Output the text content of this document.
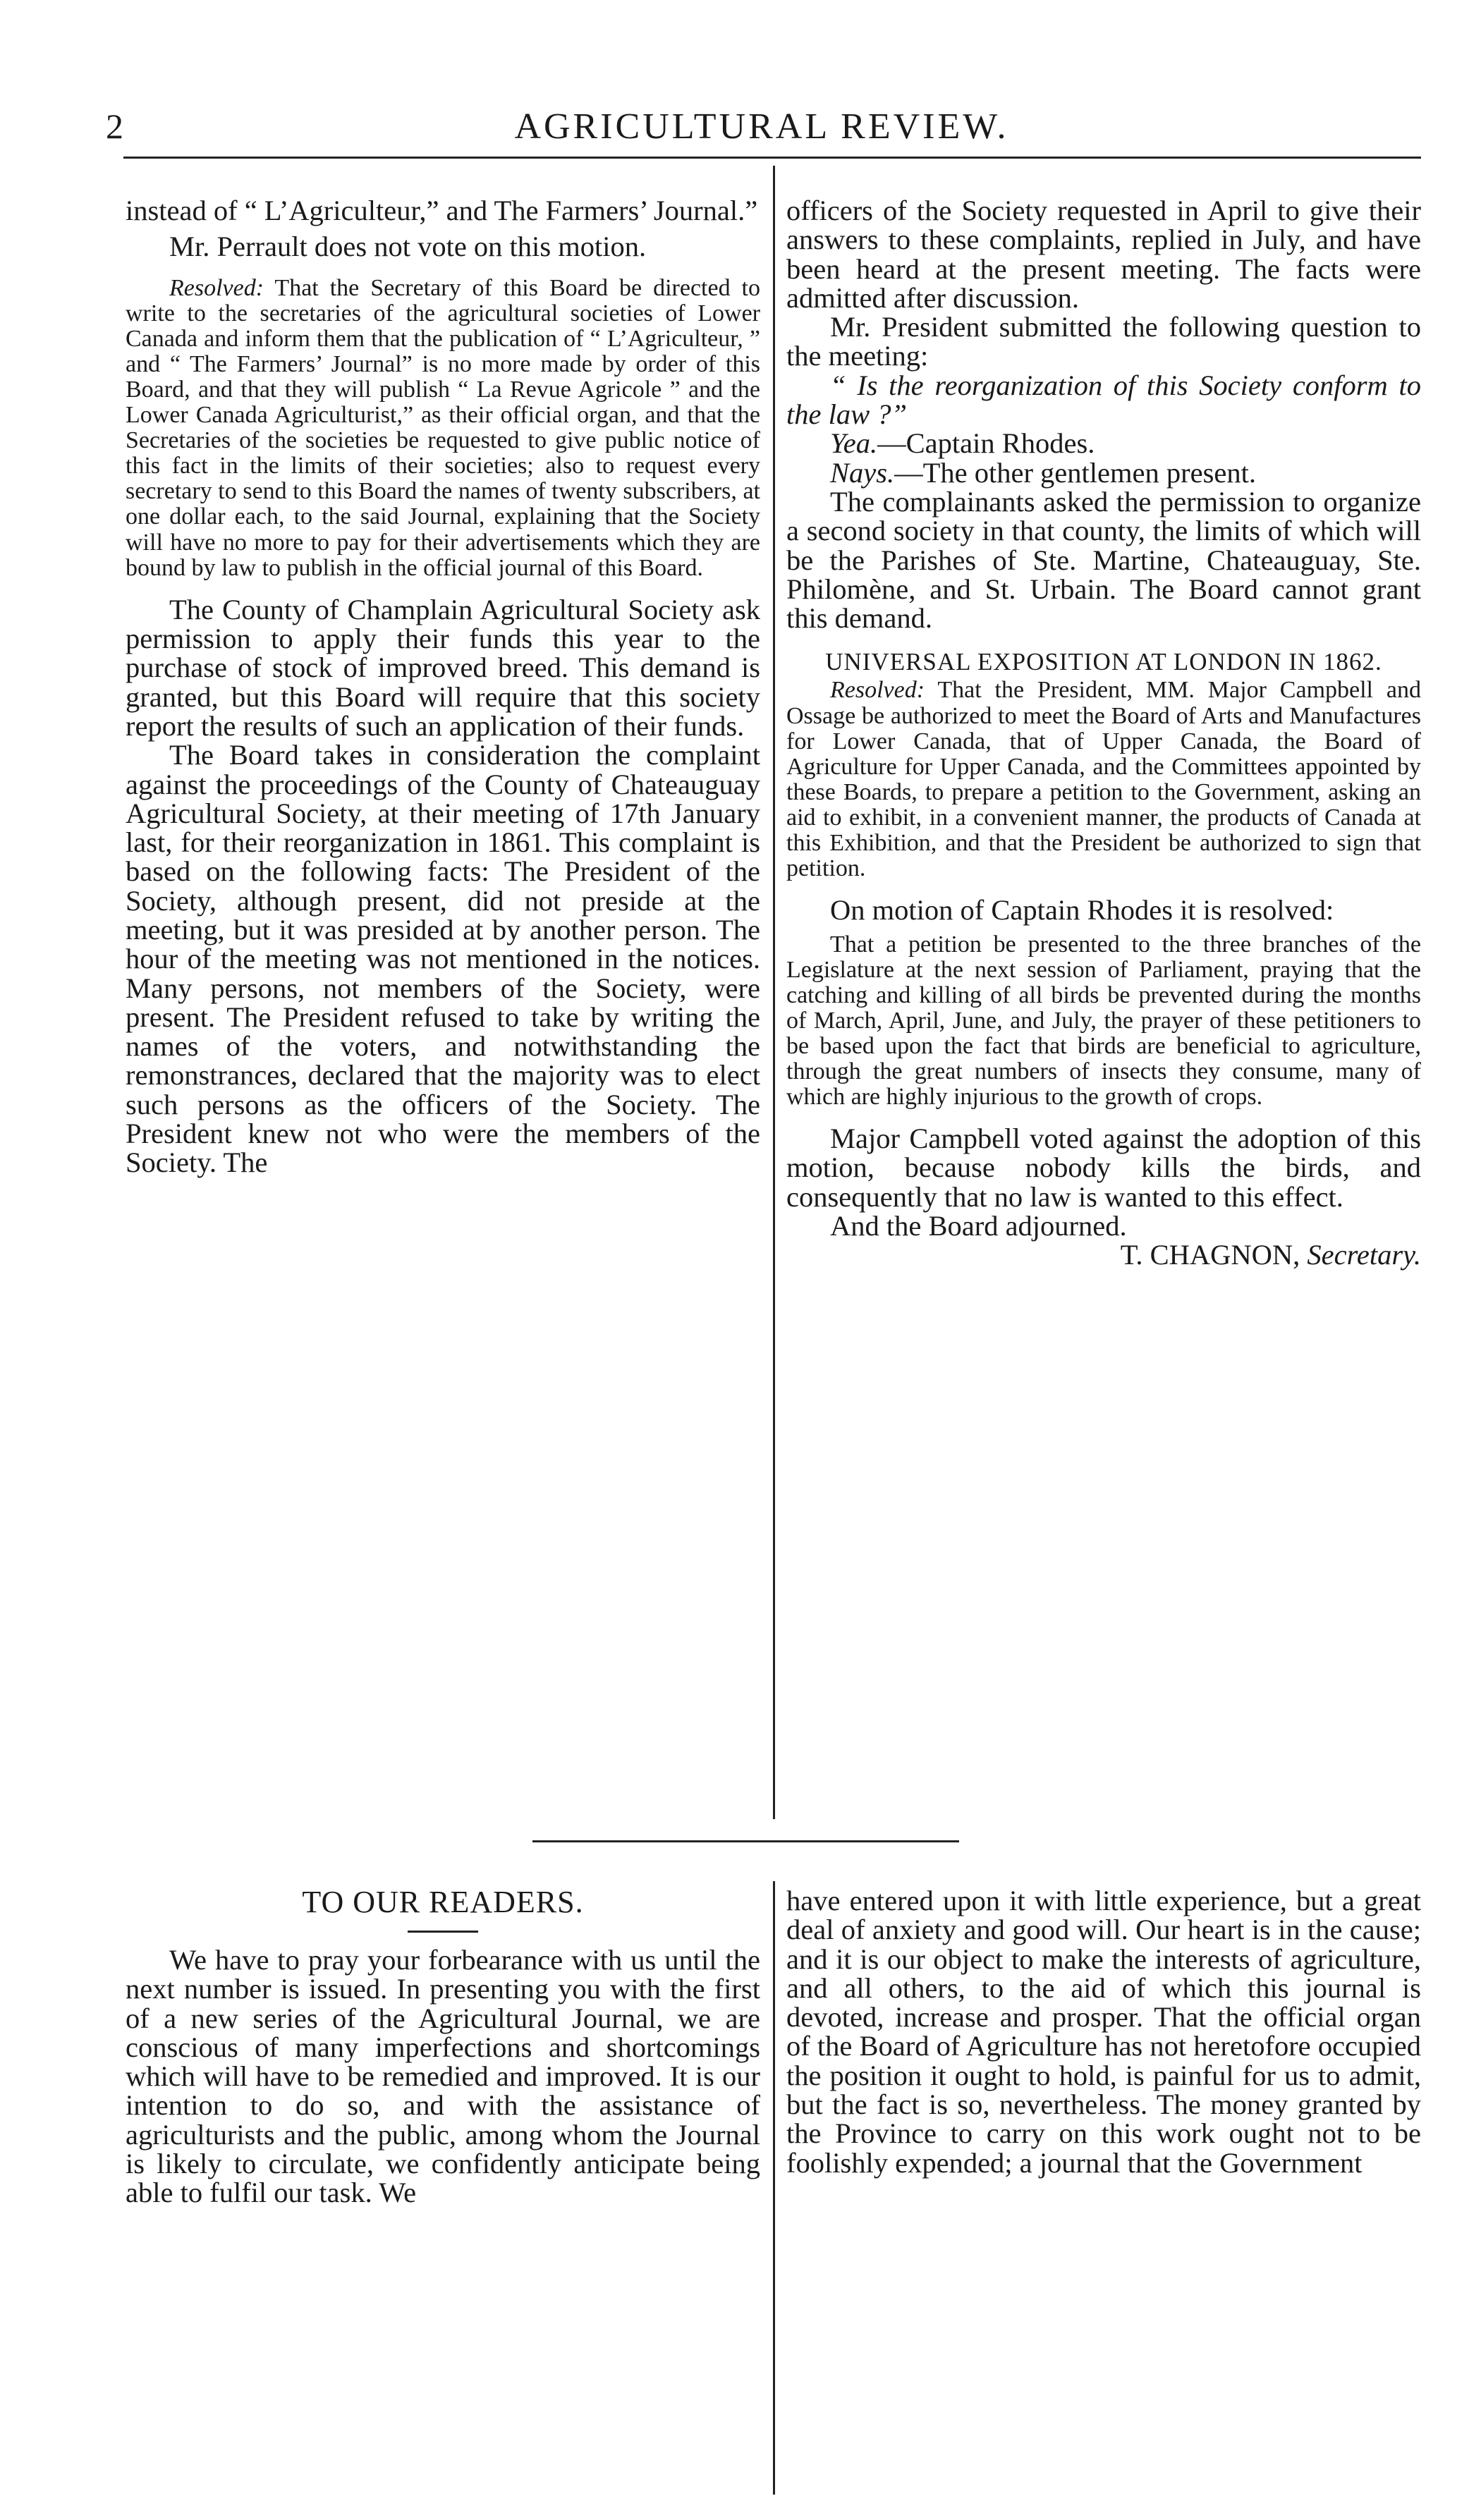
2	AGRICULTURAL REVIEW.

instead of “ L’Agriculteur,” and The Farmers’ Journal.”

Mr. Perrault does not vote on this motion.

Resolved: That the Secretary of this Board be directed to write to the secretaries of the agricultural societies of Lower Canada and inform them that the publication of “ L’Agriculteur, ” and “ The Farmers’ Journal” is no more made by order of this Board, and that they will publish “ La Revue Agricole ” and the Lower Canada Agriculturist,” as their official organ, and that the Secretaries of the societies be requested to give public notice of this fact in the limits of their societies; also to request every secretary to send to this Board the names of twenty subscribers, at one dollar each, to the said Journal, explaining that the Society will have no more to pay for their advertisements which they are bound by law to publish in the official journal of this Board.

The County of Champlain Agricultural Society ask permission to apply their funds this year to the purchase of stock of improved breed. This demand is granted, but this Board will require that this society report the results of such an application of their funds.

The Board takes in consideration the complaint against the proceedings of the County of Chateauguay Agricultural Society, at their meeting of 17th January last, for their reorganization in 1861. This complaint is based on the following facts: The President of the Society, although present, did not preside at the meeting, but it was presided at by another person. The hour of the meeting was not mentioned in the notices. Many persons, not members of the Society, were present. The President refused to take by writing the names of the voters, and notwithstanding the remonstrances, declared that the majority was to elect such persons as the officers of the Society. The President knew not who were the members of the Society. The

officers of the Society requested in April to give their answers to these complaints, replied in July, and have been heard at the present meeting. The facts were admitted after discussion.

Mr. President submitted the following question to the meeting:

“ Is the reorganization of this Society conform to the law ?”

Yea.—Captain Rhodes.

Nays.—The other gentlemen present.

The complainants asked the permission to organize a second society in that county, the limits of which will be the Parishes of Ste. Martine, Chateauguay, Ste. Philomène, and St. Urbain. The Board cannot grant this demand.

UNIVERSAL EXPOSITION AT LONDON IN 1862.

Resolved: That the President, MM. Major Campbell and Ossage be authorized to meet the Board of Arts and Manufactures for Lower Canada, that of Upper Canada, the Board of Agriculture for Upper Canada, and the Committees appointed by these Boards, to prepare a petition to the Government, asking an aid to exhibit, in a convenient manner, the products of Canada at this Exhibition, and that the President be authorized to sign that petition.

On motion of Captain Rhodes it is resolved:

That a petition be presented to the three branches of the Legislature at the next session of Parliament, praying that the catching and killing of all birds be prevented during the months of March, April, June, and July, the prayer of these petitioners to be based upon the fact that birds are beneficial to agriculture, through the great numbers of insects they consume, many of which are highly injurious to the growth of crops.

Major Campbell voted against the adoption of this motion, because nobody kills the birds, and consequently that no law is wanted to this effect.

And the Board adjourned.

T. CHAGNON, Secretary.

TO OUR READERS.

We have to pray your forbearance with us until the next number is issued. In presenting you with the first of a new series of the Agricultural Journal, we are conscious of many imperfections and shortcomings which will have to be remedied and improved. It is our intention to do so, and with the assistance of agriculturists and the public, among whom the Journal is likely to circulate, we confidently anticipate being able to fulfil our task. We

have entered upon it with little experience, but a great deal of anxiety and good will. Our heart is in the cause; and it is our object to make the interests of agriculture, and all others, to the aid of which this journal is devoted, increase and prosper. That the official organ of the Board of Agriculture has not heretofore occupied the position it ought to hold, is painful for us to admit, but the fact is so, nevertheless. The money granted by the Province to carry on this work ought not to be foolishly expended; a journal that the Government
